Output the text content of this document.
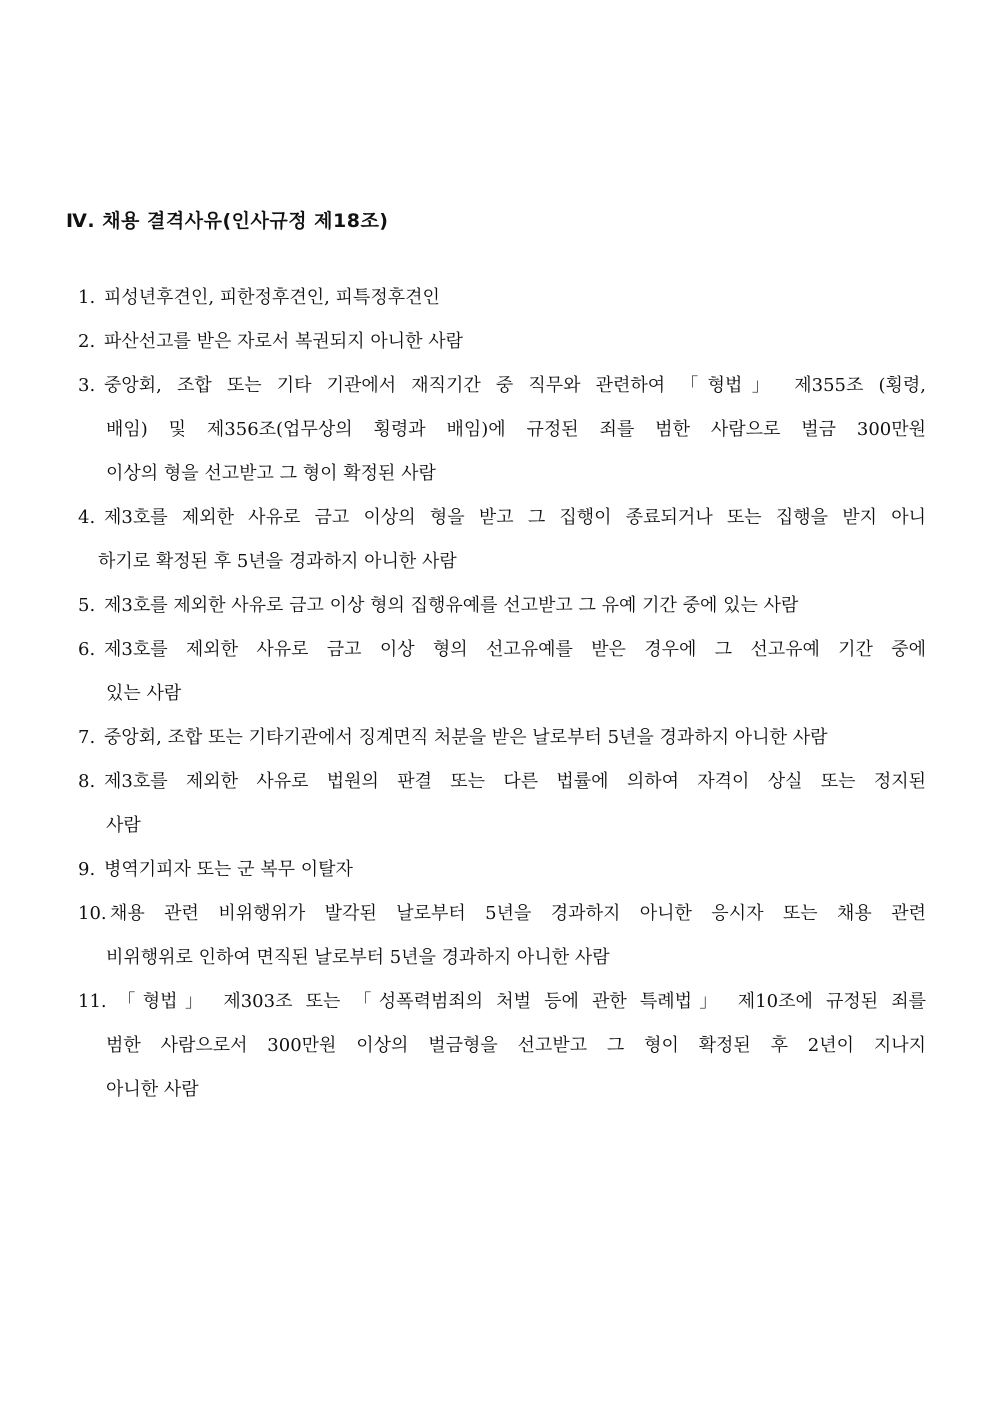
Ⅳ. 채용 결격사유(인사규정 제18조)
1. 피성년후견인, 피한정후견인, 피특정후견인
2. 파산선고를 받은 자로서 복권되지 아니한 사람
3. 중앙회, 조합 또는 기타 기관에서 재직기간 중 직무와 관련하여 「형법」 제355조 (횡령,
배임) 및 제356조(업무상의 횡령과 배임)에 규정된 죄를 범한 사람으로 벌금 300만원
이상의 형을 선고받고 그 형이 확정된 사람
4. 제3호를 제외한 사유로 금고 이상의 형을 받고 그 집행이 종료되거나 또는 집행을 받지 아니
하기로 확정된 후 5년을 경과하지 아니한 사람
5. 제3호를 제외한 사유로 금고 이상 형의 집행유예를 선고받고 그 유예 기간 중에 있는 사람
6. 제3호를 제외한 사유로 금고 이상 형의 선고유예를 받은 경우에 그 선고유예 기간 중에
있는 사람
7. 중앙회, 조합 또는 기타기관에서 징계면직 처분을 받은 날로부터 5년을 경과하지 아니한 사람
8. 제3호를 제외한 사유로 법원의 판결 또는 다른 법률에 의하여 자격이 상실 또는 정지된
사람
9. 병역기피자 또는 군 복무 이탈자
10. 채용 관련 비위행위가 발각된 날로부터 5년을 경과하지 아니한 응시자 또는 채용 관련
비위행위로 인하여 면직된 날로부터 5년을 경과하지 아니한 사람
11. 「형법」 제303조 또는 「성폭력범죄의 처벌 등에 관한 특례법」 제10조에 규정된 죄를
범한 사람으로서 300만원 이상의 벌금형을 선고받고 그 형이 확정된 후 2년이 지나지
아니한 사람
